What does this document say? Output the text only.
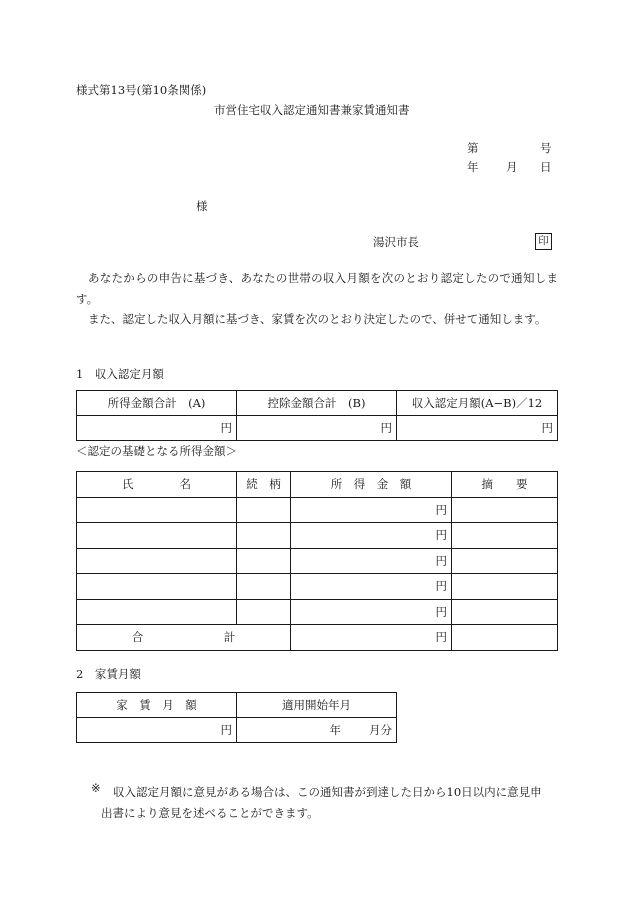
様式第13号(第10条関係)
市営住宅収入認定通知書兼家賃通知書
第	号
年 月 日
様
湯沢市長	印

あなたからの申告に基づき、あなたの世帯の収入月額を次のとおり認定したので通知します。

また、認定した収入月額に基づき、家賃を次のとおり決定したので、併せて通知します。

1　収入認定月額
所得金額合計　(A)	控除金額合計　(B)	収入認定月額(A−B)／12
円	円	円
＜認定の基礎となる所得金額＞
氏　　　　名	続　柄	所　得　金　額	摘　　要
		円	
		円	
		円	
		円	
		円	
合　　　　　　　計		円	
2　家賃月額
家　賃　月　額	適用開始年月
円	年 月分
※	収入認定月額に意見がある場合は、この通知書が到達した日から10日以内に意見申出書により意見を述べることができます。
